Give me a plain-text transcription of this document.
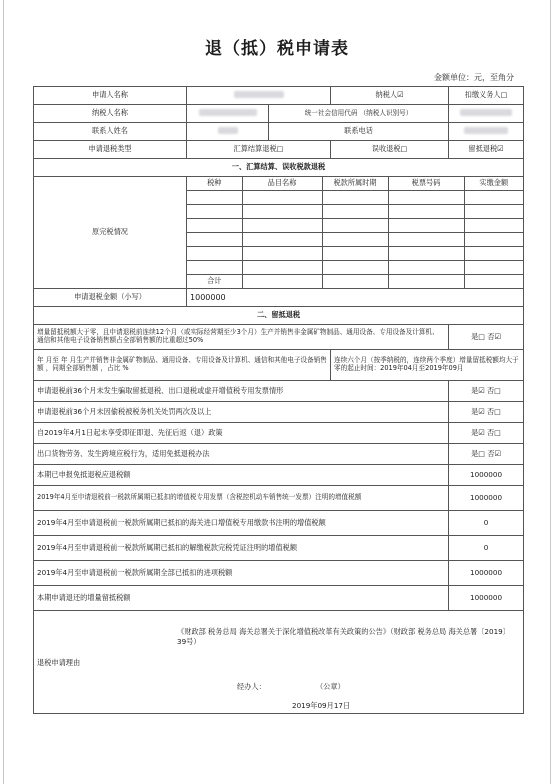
退（抵）税申请表
金额单位：元，至角分
申请人名称		纳税人☑	扣缴义务人□
纳税人名称		统一社会信用代码 （纳税人识别号）	
联系人姓名		联系电话	
申请退税类型	汇算结算退税□	误收退税□	留抵退税☑
一、汇算结算、误收税款退税
原完税情况	
税种	品目名称	税款所属时期	税票号码	实缴金额

合计				

申请退税金额（小写）	1000000
二、留抵退税
增量留抵税额大于零，且申请退税前连续12个月（或实际经营期至少3个月）生产并销售非金属矿物制品、通用设备、专用设备及计算机、通信和其他电子设备销售额占全部销售额的比重超过50%	是□ 否☑
年 月至 年 月生产并销售非金属矿物制品、通用设备、专用设备及计算机、通信和其他电子设备销售额 ，同期全部销售额 ，占比 %	连续六个月（按季纳税的，连续两个季度）增量留抵税额均大于零的起止时间：2019年04月至2019年09月
申请退税前36个月未发生骗取留抵退税、出口退税或虚开增值税专用发票情形	是☑ 否□
申请退税前36个月未因偷税被税务机关处罚两次及以上	是☑ 否□
自2019年4月1日起未享受即征即退、先征后返（退）政策	是☑ 否□
出口货物劳务、发生跨境应税行为，适用免抵退税办法	是□ 否☑
本期已申报免抵退税应退税额	1000000
2019年4月至申请退税前一税款所属期已抵扣的增值税专用发票（含税控机动车销售统一发票）注明的增值税额	1000000
2019年4月至申请退税前一税款所属期已抵扣的海关进口增值税专用缴款书注明的增值税额	0
2019年4月至申请退税前一税款所属期已抵扣的解缴税款完税凭证注明的增值税额	0
2019年4月至申请退税前一税款所属期全部已抵扣的进项税额	1000000
本期申请退还的增量留抵税额	1000000

《财政部 税务总局 海关总署关于深化增值税改革有关政策的公告》（财政部 税务总局 海关总署〔2019〕39号）
退税申请理由
经办人：	（公章）
2019年09月17日
